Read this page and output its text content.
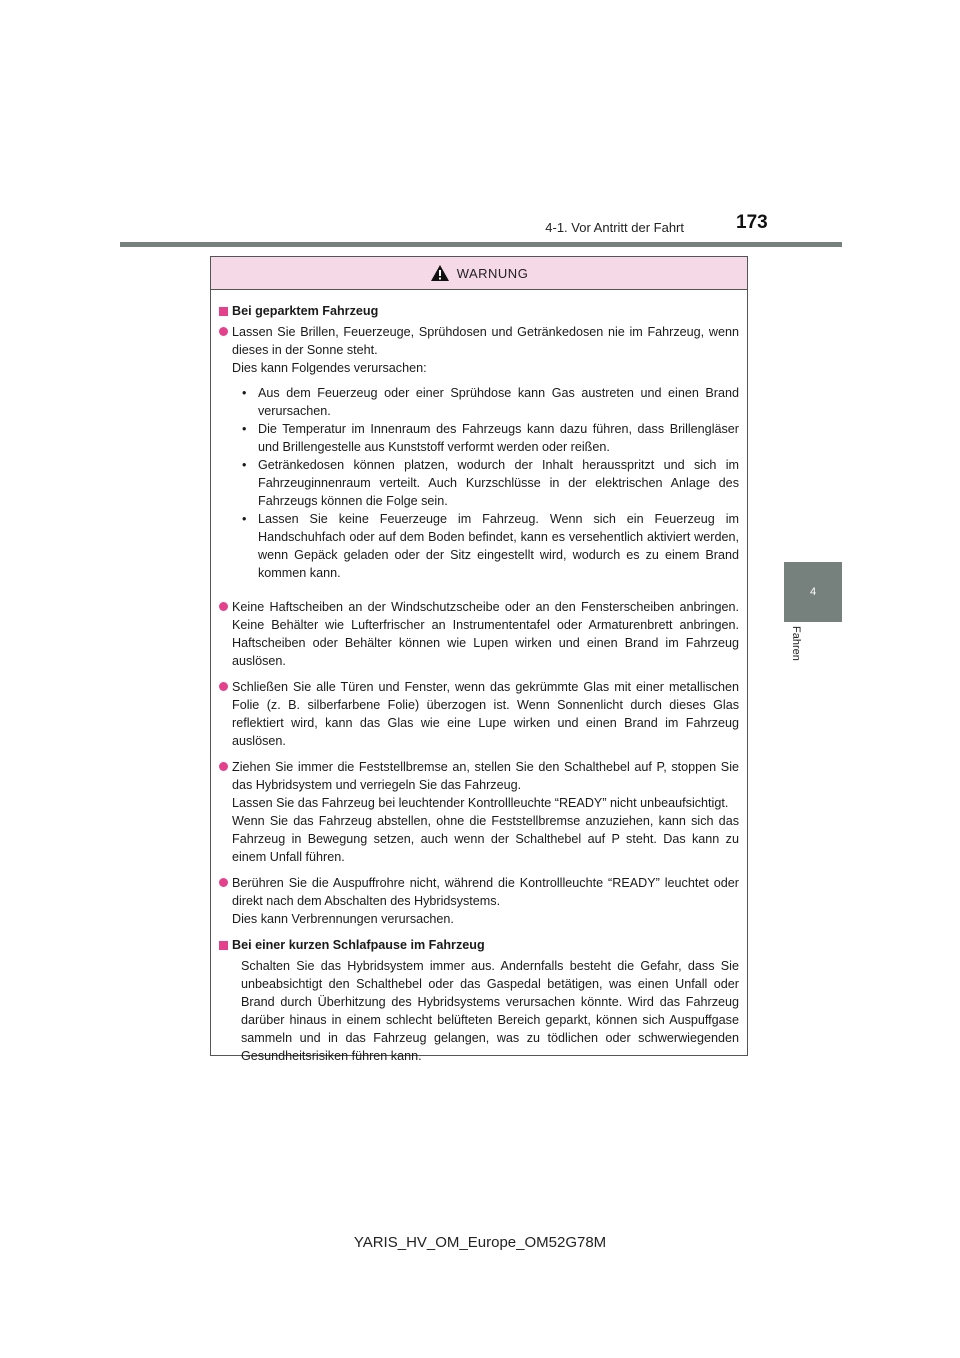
4-1. Vor Antritt der Fahrt	173
4
Fahren
WARNUNG
Bei geparktem Fahrzeug

Lassen Sie Brillen, Feuerzeuge, Sprühdosen und Getränkedosen nie im Fahrzeug, wenn dieses in der Sonne steht.

Dies kann Folgendes verursachen:

• Aus dem Feuerzeug oder einer Sprühdose kann Gas austreten und einen Brand verursachen.
• Die Temperatur im Innenraum des Fahrzeugs kann dazu führen, dass Brillengläser und Brillengestelle aus Kunststoff verformt werden oder reißen.
• Getränkedosen können platzen, wodurch der Inhalt herausspritzt und sich im Fahrzeuginnenraum verteilt. Auch Kurzschlüsse in der elektrischen Anlage des Fahrzeugs können die Folge sein.
• Lassen Sie keine Feuerzeuge im Fahrzeug. Wenn sich ein Feuerzeug im Handschuhfach oder auf dem Boden befindet, kann es versehentlich aktiviert werden, wenn Gepäck geladen oder der Sitz eingestellt wird, wodurch es zu einem Brand kommen kann.

Keine Haftscheiben an der Windschutzscheibe oder an den Fensterscheiben anbringen. Keine Behälter wie Lufterfrischer an Instrumententafel oder Armaturenbrett anbringen. Haftscheiben oder Behälter können wie Lupen wirken und einen Brand im Fahrzeug auslösen.

Schließen Sie alle Türen und Fenster, wenn das gekrümmte Glas mit einer metallischen Folie (z. B. silberfarbene Folie) überzogen ist. Wenn Sonnenlicht durch dieses Glas reflektiert wird, kann das Glas wie eine Lupe wirken und einen Brand im Fahrzeug auslösen.

Ziehen Sie immer die Feststellbremse an, stellen Sie den Schalthebel auf P, stoppen Sie das Hybridsystem und verriegeln Sie das Fahrzeug.

Lassen Sie das Fahrzeug bei leuchtender Kontrollleuchte “READY” nicht unbeaufsichtigt.

Wenn Sie das Fahrzeug abstellen, ohne die Feststellbremse anzuziehen, kann sich das Fahrzeug in Bewegung setzen, auch wenn der Schalthebel auf P steht. Das kann zu einem Unfall führen.

Berühren Sie die Auspuffrohre nicht, während die Kontrollleuchte “READY” leuchtet oder direkt nach dem Abschalten des Hybridsystems.

Dies kann Verbrennungen verursachen.

Bei einer kurzen Schlafpause im Fahrzeug

Schalten Sie das Hybridsystem immer aus. Andernfalls besteht die Gefahr, dass Sie unbeabsichtigt den Schalthebel oder das Gaspedal betätigen, was einen Unfall oder Brand durch Überhitzung des Hybridsystems verursachen könnte. Wird das Fahrzeug darüber hinaus in einem schlecht belüfteten Bereich geparkt, können sich Auspuffgase sammeln und in das Fahrzeug gelangen, was zu tödlichen oder schwerwiegenden Gesundheitsrisiken führen kann.

YARIS_HV_OM_Europe_OM52G78M
